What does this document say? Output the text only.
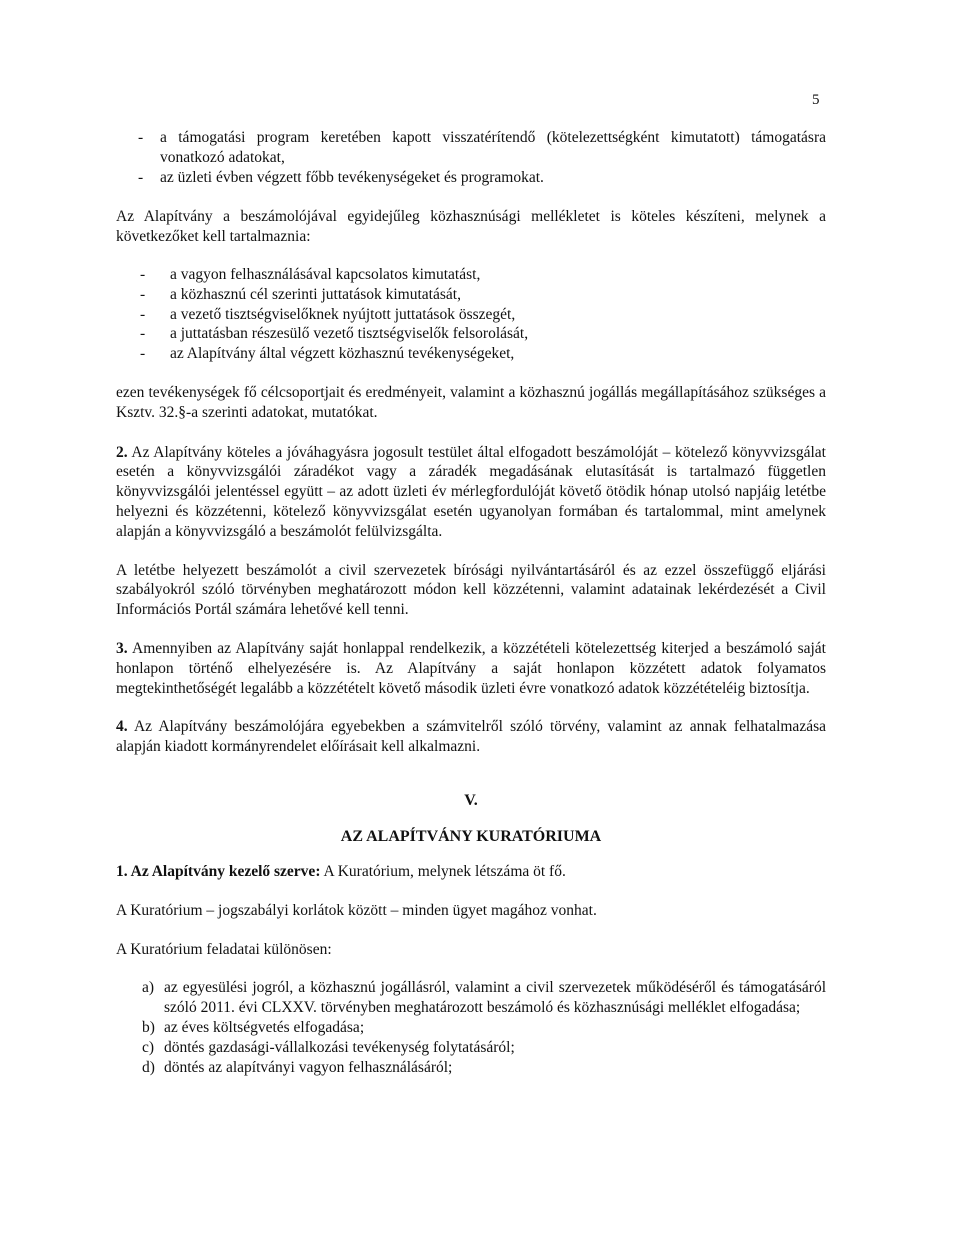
5
- a támogatási program keretében kapott visszatérítendő (kötelezettségként kimutatott) támogatásra vonatkozó adatokat,
- az üzleti évben végzett főbb tevékenységeket és programokat.

Az Alapítvány a beszámolójával egyidejűleg közhasznúsági mellékletet is köteles készíteni, melynek a következőket kell tartalmaznia:

- a vagyon felhasználásával kapcsolatos kimutatást,
- a közhasznú cél szerinti juttatások kimutatását,
- a vezető tisztségviselőknek nyújtott juttatások összegét,
- a juttatásban részesülő vezető tisztségviselők felsorolását,
- az Alapítvány által végzett közhasznú tevékenységeket,

ezen tevékenységek fő célcsoportjait és eredményeit, valamint a közhasznú jogállás megállapításához szükséges a Ksztv. 32.§-a szerinti adatokat, mutatókat.

2. Az Alapítvány köteles a jóváhagyásra jogosult testület által elfogadott beszámolóját – kötelező könyvvizsgálat esetén a könyvvizsgálói záradékot vagy a záradék megadásának elutasítását is tartalmazó független könyvvizsgálói jelentéssel együtt – az adott üzleti év mérlegfordulóját követő ötödik hónap utolsó napjáig letétbe helyezni és közzétenni, kötelező könyvvizsgálat esetén ugyanolyan formában és tartalommal, mint amelynek alapján a könyvvizsgáló a beszámolót felülvizsgálta.

A letétbe helyezett beszámolót a civil szervezetek bírósági nyilvántartásáról és az ezzel összefüggő eljárási szabályokról szóló törvényben meghatározott módon kell közzétenni, valamint adatainak lekérdezését a Civil Információs Portál számára lehetővé kell tenni.

3. Amennyiben az Alapítvány saját honlappal rendelkezik, a közzétételi kötelezettség kiterjed a beszámoló saját honlapon történő elhelyezésére is. Az Alapítvány a saját honlapon közzétett adatok folyamatos megtekinthetőségét legalább a közzétételt követő második üzleti évre vonatkozó adatok közzétételéig biztosítja.

4. Az Alapítvány beszámolójára egyebekben a számvitelről szóló törvény, valamint az annak felhatalmazása alapján kiadott kormányrendelet előírásait kell alkalmazni.

V.

AZ ALAPÍTVÁNY KURATÓRIUMA

1. Az Alapítvány kezelő szerve: A Kuratórium, melynek létszáma öt fő.

A Kuratórium – jogszabályi korlátok között – minden ügyet magához vonhat.

A Kuratórium feladatai különösen:

a) az egyesülési jogról, a közhasznú jogállásról, valamint a civil szervezetek működéséről és támogatásáról szóló 2011. évi CLXXV. törvényben meghatározott beszámoló és közhasznúsági melléklet elfogadása;
b) az éves költségvetés elfogadása;
c) döntés gazdasági-vállalkozási tevékenység folytatásáról;
d) döntés az alapítványi vagyon felhasználásáról;
